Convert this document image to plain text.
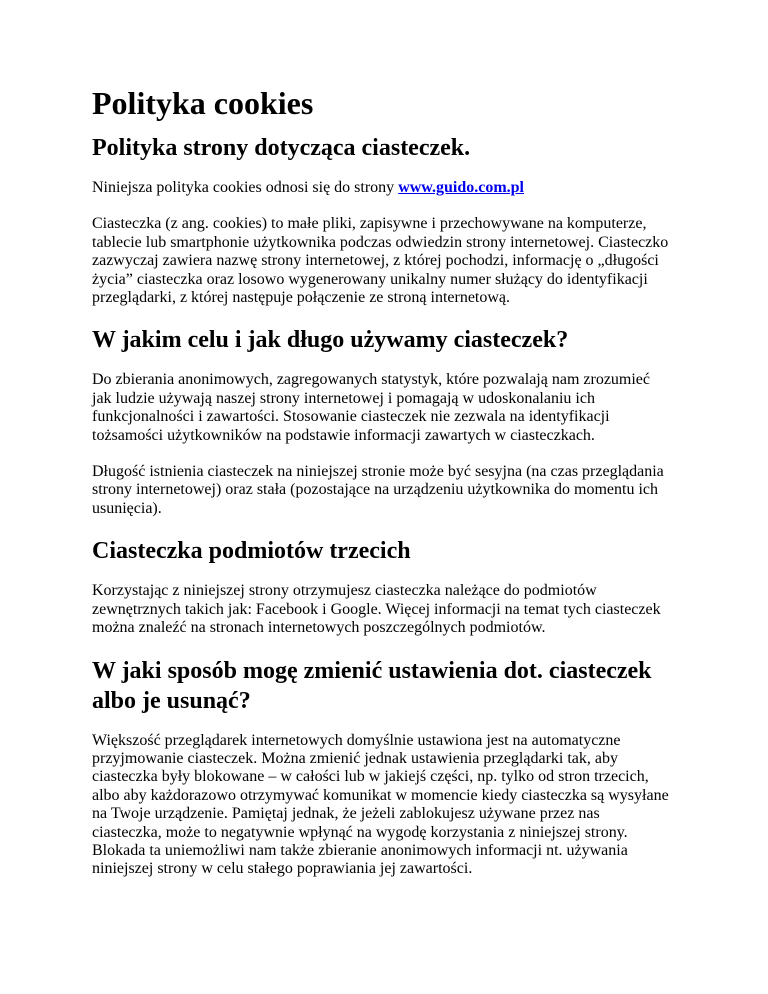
Polityka cookies
Polityka strony dotycząca ciasteczek.

Niniejsza polityka cookies odnosi się do strony www.guido.com.pl

Ciasteczka (z ang. cookies) to małe pliki, zapisywne i przechowywane na komputerze, tablecie lub smartphonie użytkownika podczas odwiedzin strony internetowej. Ciasteczko zazwyczaj zawiera nazwę strony internetowej, z której pochodzi, informację o „długości życia” ciasteczka oraz losowo wygenerowany unikalny numer służący do identyfikacji przeglądarki, z której następuje połączenie ze stroną internetową.

W jakim celu i jak długo używamy ciasteczek?

Do zbierania anonimowych, zagregowanych statystyk, które pozwalają nam zrozumieć jak ludzie używają naszej strony internetowej i pomagają w udoskonalaniu ich funkcjonalności i zawartości. Stosowanie ciasteczek nie zezwala na identyfikacji tożsamości użytkowników na podstawie informacji zawartych w ciasteczkach.

Długość istnienia ciasteczek na niniejszej stronie może być sesyjna (na czas przeglądania strony internetowej) oraz stała (pozostające na urządzeniu użytkownika do momentu ich usunięcia).

Ciasteczka podmiotów trzecich

Korzystając z niniejszej strony otrzymujesz ciasteczka należące do podmiotów zewnętrznych takich jak: Facebook i Google. Więcej informacji na temat tych ciasteczek można znaleźć na stronach internetowych poszczególnych podmiotów.

W jaki sposób mogę zmienić ustawienia dot. ciasteczek albo je usunąć?

Większość przeglądarek internetowych domyślnie ustawiona jest na automatyczne przyjmowanie ciasteczek. Można zmienić jednak ustawienia przeglądarki tak, aby ciasteczka były blokowane – w całości lub w jakiejś części, np. tylko od stron trzecich, albo aby każdorazowo otrzymywać komunikat w momencie kiedy ciasteczka są wysyłane na Twoje urządzenie. Pamiętaj jednak, że jeżeli zablokujesz używane przez nas ciasteczka, może to negatywnie wpłynąć na wygodę korzystania z niniejszej strony. Blokada ta uniemożliwi nam także zbieranie anonimowych informacji nt. używania niniejszej strony w celu stałego poprawiania jej zawartości.
